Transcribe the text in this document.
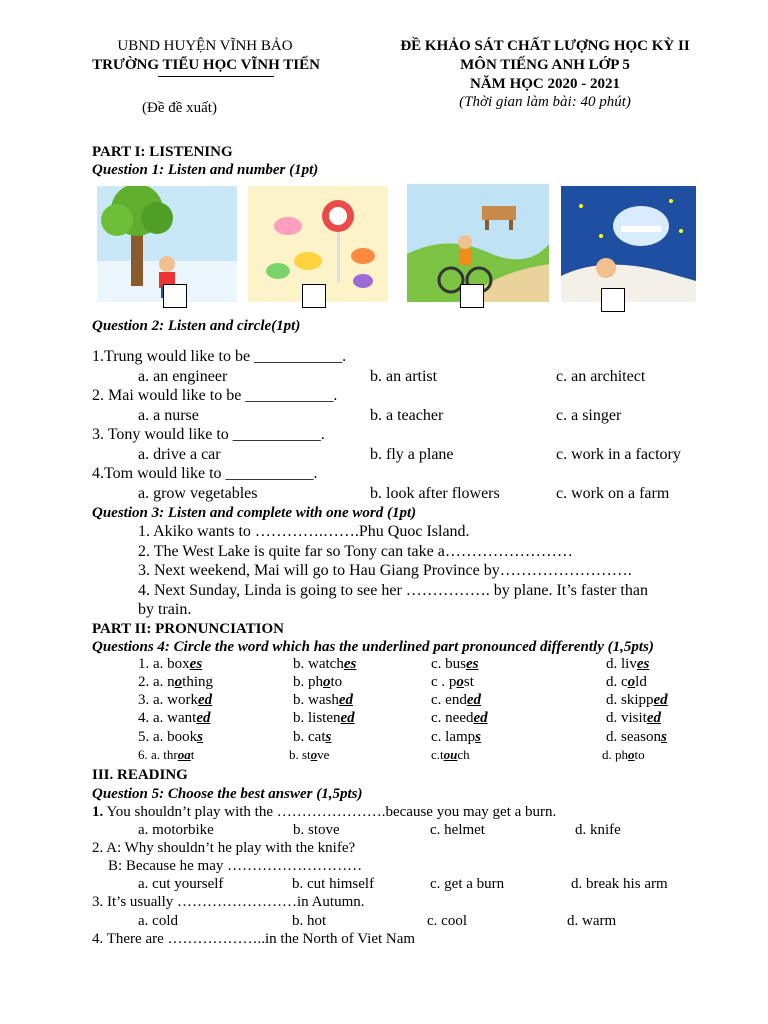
UBND HUYỆN VĨNH BẢO
TRƯỜNG TIỂU HỌC VĨNH TIẾN
(Đề đề xuất)
ĐỀ KHẢO SÁT CHẤT LƯỢNG HỌC KỲ II
MÔN TIẾNG ANH LỚP 5
NĂM HỌC 2020 - 2021
(Thời gian làm bài: 40 phút)
PART I: LISTENING
Question 1: Listen and number (1pt)
Question 2: Listen and circle(1pt)
1.Trung would like to be ___________.
a. an engineer	b. an artist	c. an architect
2. Mai would like to be ___________.
a. a nurse	b. a teacher	c. a singer
3. Tony would like to ___________.
a. drive a car	b. fly a plane	c. work in a factory
4.Tom would like to ___________.
a. grow vegetables	b. look after flowers	c. work on a farm
Question 3: Listen and complete with one word (1pt)
1. Akiko wants to ………….…….Phu Quoc Island.
2. The West Lake is quite far so Tony can take a……………………
3. Next weekend, Mai will go to Hau Giang Province by…………………….
4. Next Sunday, Linda is going to see her ……………. by plane. It’s faster than
by train.
PART II: PRONUNCIATION
Questions 4: Circle the word which has the underlined part pronounced differently (1,5pts)
1. a. boxes	b. watches	c. buses	d. lives
2. a. nothing	b. photo	c . post	d. cold
3. a. worked	b. washed	c. ended	d. skipped
4. a. wanted	b. listened	c. needed	d. visited
5. a. books	b. cats	c. lamps	d. seasons
6. a. throat	b. stove	c.touch	d. photo
III. READING
Question 5: Choose the best answer (1,5pts)
1. You shouldn’t play with the ………………….because you may get a burn.
a. motorbike	b. stove	c. helmet	d. knife
2. A: Why shouldn’t he play with the knife?
B: Because he may ………………………
a. cut yourself	b. cut himself	c. get a burn	d. break his arm
3. It’s usually ……………………in Autumn.
a. cold	b. hot	c. cool	d. warm
4. There are ………………..in the North of Viet Nam
